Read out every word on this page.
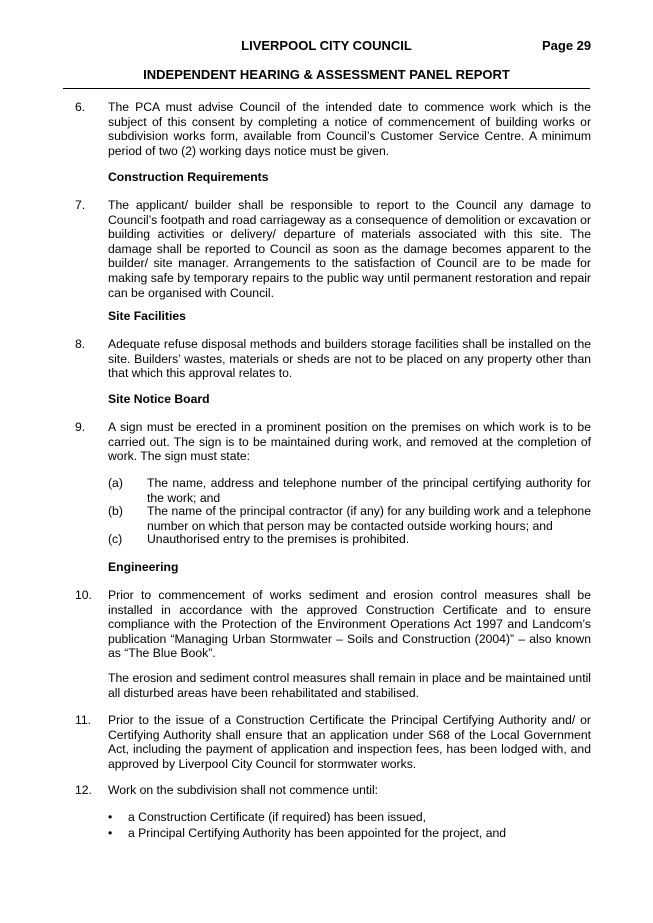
LIVERPOOL CITY COUNCIL	Page 29
INDEPENDENT HEARING & ASSESSMENT PANEL REPORT
6. The PCA must advise Council of the intended date to commence work which is the subject of this consent by completing a notice of commencement of building works or subdivision works form, available from Council’s Customer Service Centre. A minimum period of two (2) working days notice must be given.
Construction Requirements
7. The applicant/ builder shall be responsible to report to the Council any damage to Council’s footpath and road carriageway as a consequence of demolition or excavation or building activities or delivery/ departure of materials associated with this site. The damage shall be reported to Council as soon as the damage becomes apparent to the builder/ site manager. Arrangements to the satisfaction of Council are to be made for making safe by temporary repairs to the public way until permanent restoration and repair can be organised with Council.
Site Facilities
8. Adequate refuse disposal methods and builders storage facilities shall be installed on the site. Builders’ wastes, materials or sheds are not to be placed on any property other than that which this approval relates to.
Site Notice Board
9. A sign must be erected in a prominent position on the premises on which work is to be carried out. The sign is to be maintained during work, and removed at the completion of work. The sign must state:
(a) The name, address and telephone number of the principal certifying authority for the work; and
(b) The name of the principal contractor (if any) for any building work and a telephone number on which that person may be contacted outside working hours; and
(c) Unauthorised entry to the premises is prohibited.
Engineering
10. Prior to commencement of works sediment and erosion control measures shall be installed in accordance with the approved Construction Certificate and to ensure compliance with the Protection of the Environment Operations Act 1997 and Landcom’s publication “Managing Urban Stormwater – Soils and Construction (2004)” – also known as “The Blue Book”.
The erosion and sediment control measures shall remain in place and be maintained until all disturbed areas have been rehabilitated and stabilised.
11. Prior to the issue of a Construction Certificate the Principal Certifying Authority and/ or Certifying Authority shall ensure that an application under S68 of the Local Government Act, including the payment of application and inspection fees, has been lodged with, and approved by Liverpool City Council for stormwater works.
12. Work on the subdivision shall not commence until:
• a Construction Certificate (if required) has been issued,
• a Principal Certifying Authority has been appointed for the project, and
